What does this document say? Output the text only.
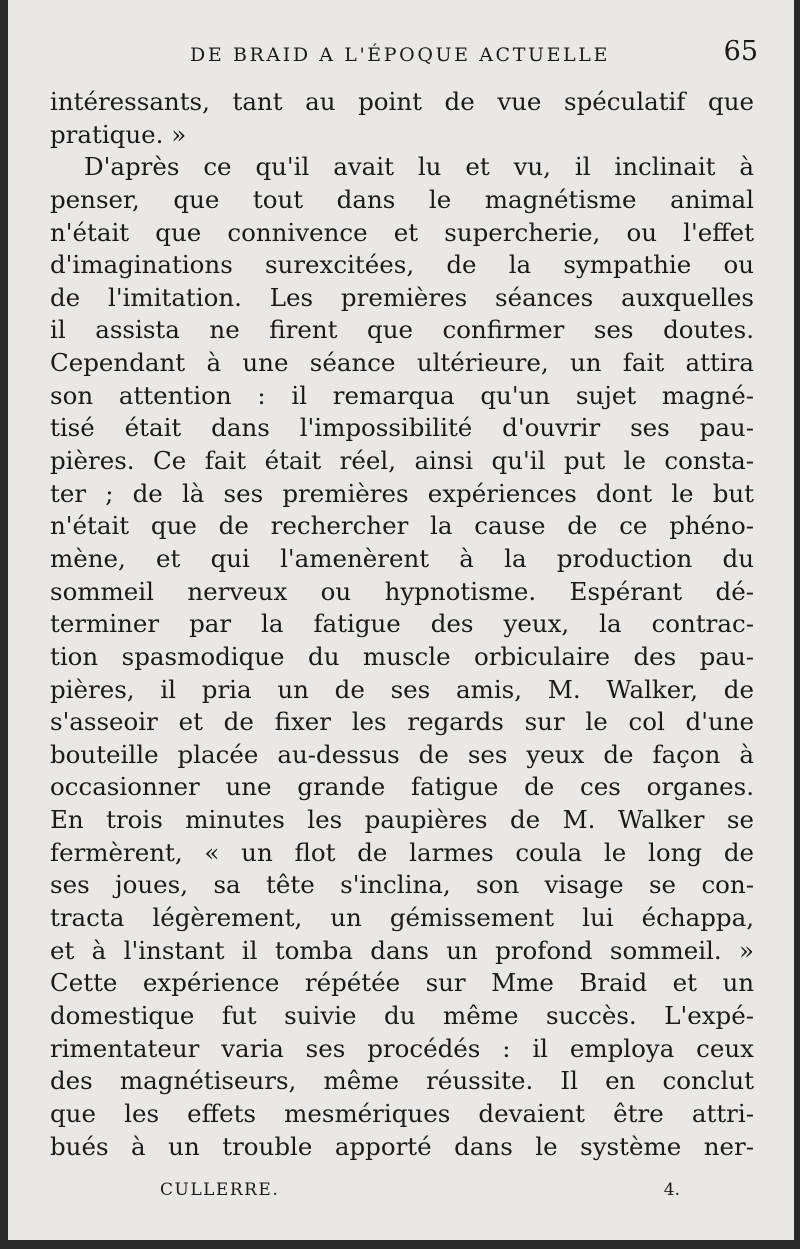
DE BRAID A L'ÉPOQUE ACTUELLE	65
intéressants, tant au point de vue spéculatif que
pratique. »
D'après ce qu'il avait lu et vu, il inclinait à
penser, que tout dans le magnétisme animal
n'était que connivence et supercherie, ou l'effet
d'imaginations surexcitées, de la sympathie ou
de l'imitation. Les premières séances auxquelles
il assista ne firent que confirmer ses doutes.
Cependant à une séance ultérieure, un fait attira
son attention : il remarqua qu'un sujet magné-
tisé était dans l'impossibilité d'ouvrir ses pau-
pières. Ce fait était réel, ainsi qu'il put le consta-
ter ; de là ses premières expériences dont le but
n'était que de rechercher la cause de ce phéno-
mène, et qui l'amenèrent à la production du
sommeil nerveux ou hypnotisme. Espérant dé-
terminer par la fatigue des yeux, la contrac-
tion spasmodique du muscle orbiculaire des pau-
pières, il pria un de ses amis, M. Walker, de
s'asseoir et de fixer les regards sur le col d'une
bouteille placée au-dessus de ses yeux de façon à
occasionner une grande fatigue de ces organes.
En trois minutes les paupières de M. Walker se
fermèrent, « un flot de larmes coula le long de
ses joues, sa tête s'inclina, son visage se con-
tracta légèrement, un gémissement lui échappa,
et à l'instant il tomba dans un profond sommeil. »
Cette expérience répétée sur Mme Braid et un
domestique fut suivie du même succès. L'expé-
rimentateur varia ses procédés : il employa ceux
des magnétiseurs, même réussite. Il en conclut
que les effets mesmériques devaient être attri-
bués à un trouble apporté dans le système ner-
CULLERRE.	4.
